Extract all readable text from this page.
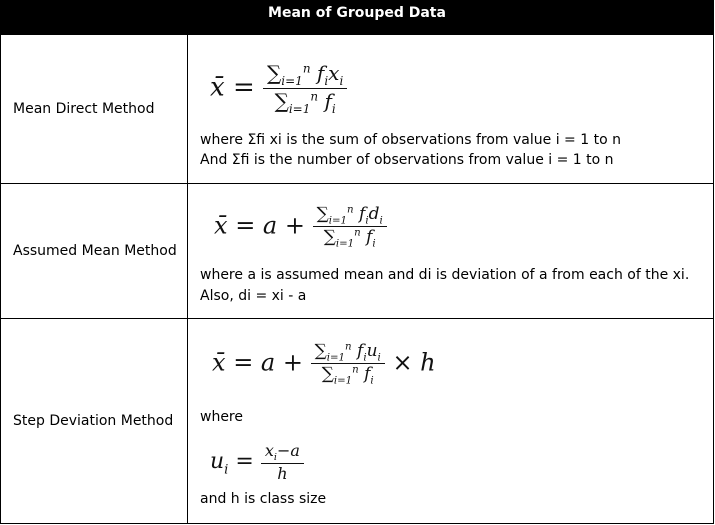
Mean of Grouped Data
Mean Direct Method
x̄ = $\frac{\sum_{i=1}^n f_ix_i}{\sum_{i=1}^n f_i}$
where Σfi xi is the sum of observations from value i = 1 to n
And Σfi is the number of observations from value i = 1 to n
Assumed Mean Method
x̄ = $a + \frac{\sum_{i=1}^n f_id_i}{\sum_{i=1}^n f_i}$
where a is assumed mean and di is deviation of a from each of the xi.
Also, di = xi - a
Step Deviation Method
x̄ = $a + \frac{\sum_{i=1}^n f_iu_i}{\sum_{i=1}^n f_i} \times h$
where
$u_i = \frac{x_i-a}{h}$
and h is class size
